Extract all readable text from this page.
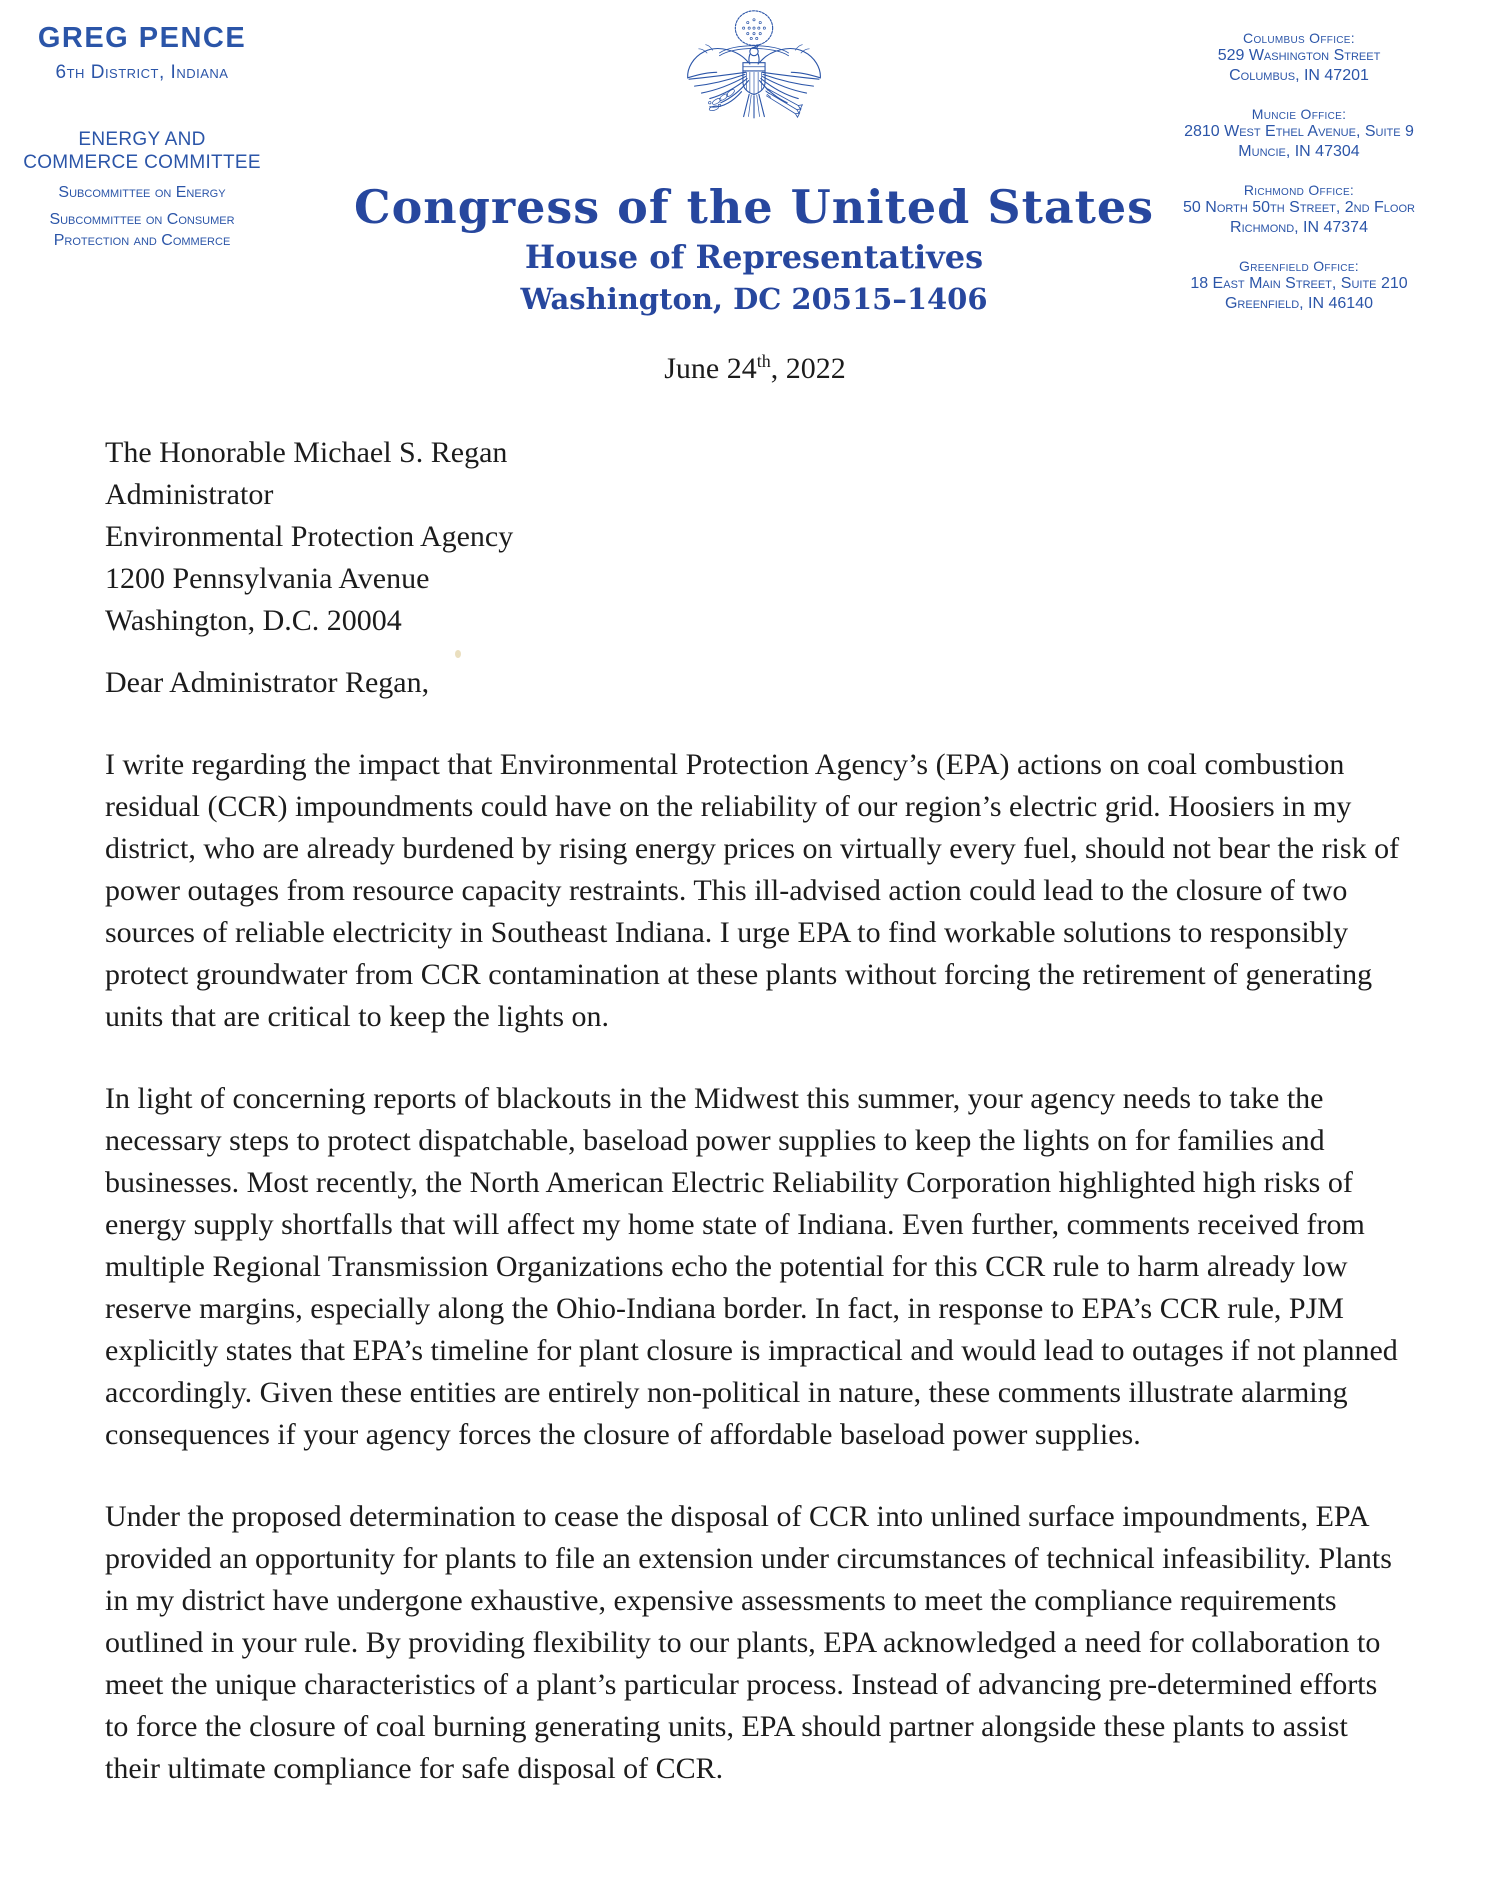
GREG PENCE
6th District, Indiana
ENERGY AND
COMMERCE COMMITTEE
Subcommittee on Energy
Subcommittee on Consumer Protection and Commerce
Congress of the United States
House of Representatives
Washington, DC 20515–1406
Columbus Office:
529 Washington Street
Columbus, IN 47201
Muncie Office:
2810 West Ethel Avenue, Suite 9
Muncie, IN 47304
Richmond Office:
50 North 50th Street, 2nd Floor
Richmond, IN 47374
Greenfield Office:
18 East Main Street, Suite 210
Greenfield, IN 46140
June 24th, 2022
The Honorable Michael S. Regan
Administrator
Environmental Protection Agency
1200 Pennsylvania Avenue
Washington, D.C. 20004
Dear Administrator Regan,
I write regarding the impact that Environmental Protection Agency’s (EPA) actions on coal combustion residual (CCR) impoundments could have on the reliability of our region’s electric grid. Hoosiers in my district, who are already burdened by rising energy prices on virtually every fuel, should not bear the risk of power outages from resource capacity restraints. This ill-advised action could lead to the closure of two sources of reliable electricity in Southeast Indiana. I urge EPA to find workable solutions to responsibly protect groundwater from CCR contamination at these plants without forcing the retirement of generating units that are critical to keep the lights on.
In light of concerning reports of blackouts in the Midwest this summer, your agency needs to take the necessary steps to protect dispatchable, baseload power supplies to keep the lights on for families and businesses. Most recently, the North American Electric Reliability Corporation highlighted high risks of energy supply shortfalls that will affect my home state of Indiana. Even further, comments received from multiple Regional Transmission Organizations echo the potential for this CCR rule to harm already low reserve margins, especially along the Ohio-Indiana border. In fact, in response to EPA’s CCR rule, PJM explicitly states that EPA’s timeline for plant closure is impractical and would lead to outages if not planned accordingly. Given these entities are entirely non-political in nature, these comments illustrate alarming consequences if your agency forces the closure of affordable baseload power supplies.
Under the proposed determination to cease the disposal of CCR into unlined surface impoundments, EPA provided an opportunity for plants to file an extension under circumstances of technical infeasibility. Plants in my district have undergone exhaustive, expensive assessments to meet the compliance requirements outlined in your rule. By providing flexibility to our plants, EPA acknowledged a need for collaboration to meet the unique characteristics of a plant’s particular process. Instead of advancing pre-determined efforts to force the closure of coal burning generating units, EPA should partner alongside these plants to assist their ultimate compliance for safe disposal of CCR.
